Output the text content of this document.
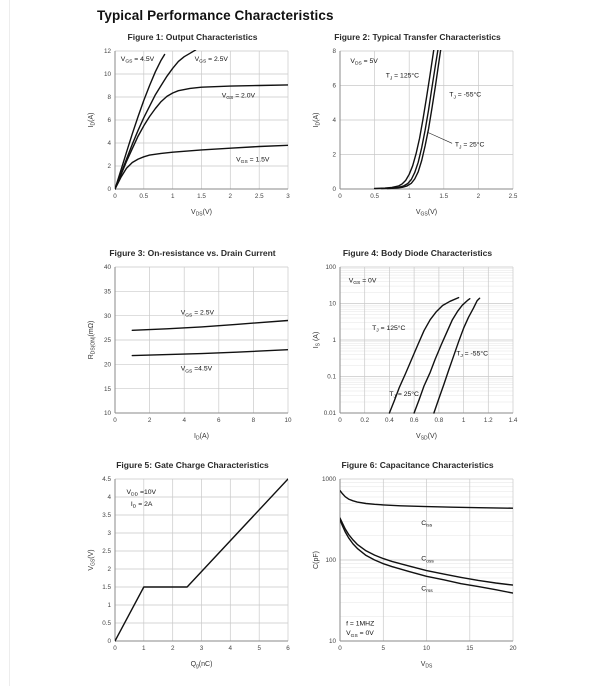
Typical Performance Characteristics
Figure 1: Output Characteristics
0	0.5	1	1.5	2	2.5	3
0
2
4
6
8
10
12
$V_{DS}(V)$
$I_D(A)$
$V_{GS} = 4.5V$	$V_{GS} = 2.5V$
$V_{GS} = 2.0V$
$V_{GS} = 1.5V$
Figure 2: Typical Transfer Characteristics
0	0.5	1	1.5	2	2.5
0
2
4
6
8
$V_{GS}(V)$
$I_D(A)$
$V_{DS} = 5V$
$T_J = 125^\circ C$
$T_J = -55^\circ C$
$T_J = 25^\circ C$
Figure 3: On-resistance vs. Drain Current
0	2	4	6	8	10
10
15
20
25
30
35
40
$I_D(A)$
$R_{DS(ON)}(m\Omega)$
$V_{GS} = 2.5V$
$V_{GS} =4.5V$
Figure 4: Body Diode Characteristics
0	0.2	0.4	0.6	0.8	1	1.2	1.4
0.01
0.1
1
10
100
$V_{SD}(V)$
$I_S$ (A)
$V_{GS} = 0V$
$T_J = 125^\circ C$
$T_J = -55^\circ C$
$T_J = 25^\circ C$
Figure 5: Gate Charge Characteristics
0	1	2	3	4	5	6
0
0.5
1
1.5
2
2.5
3
3.5
4
4.5
$Q_g(nC)$
$V_{GS}(V)$
$V_{DD} =10V$
$I_D = 2A$
Figure 6: Capacitance Characteristics
0	5	10	15	20
10
100
1000
$V_{DS}$
C(pF)
$C_{iss}$
$C_{oss}$
$C_{rss}$
f = 1MHZ
$V_{GS} = 0V$
